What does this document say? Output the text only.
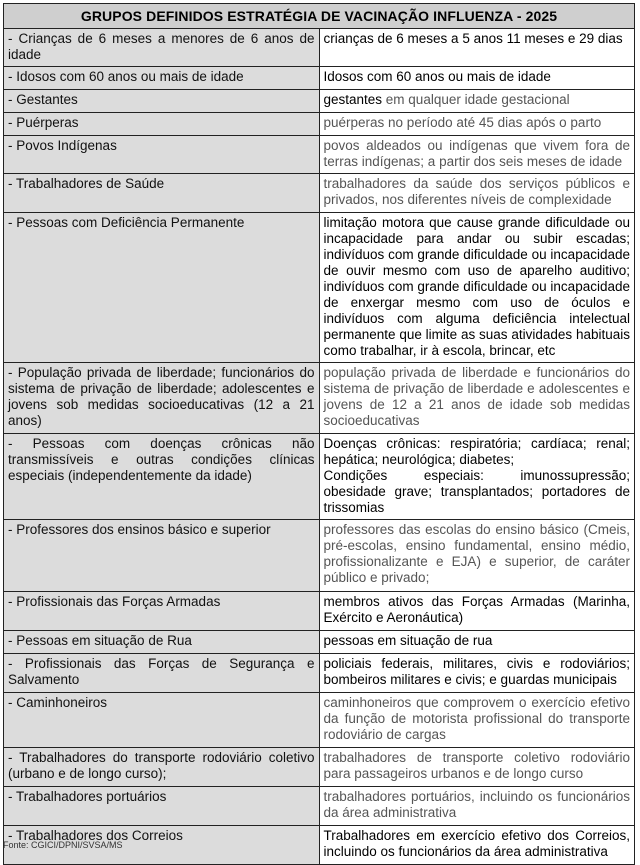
GRUPOS DEFINIDOS ESTRATÉGIA DE VACINAÇÃO INFLUENZA - 2025	
- Crianças de 6 meses a menores de 6 anos de idade	crianças de 6 meses a 5 anos 11 meses e 29 dias
- Idosos com 60 anos ou mais de idade	Idosos com 60 anos ou mais de idade
- Gestantes	gestantes em qualquer idade gestacional
- Puérperas	puérperas no período até 45 dias após o parto
- Povos Indígenas	povos aldeados ou indígenas que vivem fora de terras indígenas; a partir dos seis meses de idade
- Trabalhadores de Saúde	trabalhadores da saúde dos serviços públicos e privados, nos diferentes níveis de complexidade
- Pessoas com Deficiência Permanente	limitação motora que cause grande dificuldade ou incapacidade para andar ou subir escadas; indivíduos com grande dificuldade ou incapacidade de ouvir mesmo com uso de aparelho auditivo; indivíduos com grande dificuldade ou incapacidade de enxergar mesmo com uso de óculos e indivíduos com alguma deficiência intelectual permanente que limite as suas atividades habituais como trabalhar, ir à escola, brincar, etc
- População privada de liberdade; funcionários do sistema de privação de liberdade; adolescentes e jovens sob medidas socioeducativas (12 a 21 anos)	população privada de liberdade e funcionários do sistema de privação de liberdade e adolescentes e jovens de 12 a 21 anos de idade sob medidas socioeducativas
- Pessoas com doenças crônicas não transmissíveis e outras condições clínicas especiais (independentemente da idade)	Doenças crônicas: respiratória; cardíaca; renal; hepática; neurológica; diabetes;
Condições especiais: imunossupressão; obesidade grave; transplantados; portadores de trissomias

- Professores dos ensinos básico e superior	professores das escolas do ensino básico (Cmeis, pré-escolas, ensino fundamental, ensino médio, profissionalizante e EJA) e superior, de caráter público e privado;
- Profissionais das Forças Armadas	membros ativos das Forças Armadas (Marinha, Exército e Aeronáutica)
- Pessoas em situação de Rua	pessoas em situação de rua
- Profissionais das Forças de Segurança e Salvamento	policiais federais, militares, civis e rodoviários; bombeiros militares e civis; e guardas municipais
- Caminhoneiros	caminhoneiros que comprovem o exercício efetivo da função de motorista profissional do transporte rodoviário de cargas
- Trabalhadores do transporte rodoviário coletivo (urbano e de longo curso);	trabalhadores de transporte coletivo rodoviário para passageiros urbanos e de longo curso
- Trabalhadores portuários	trabalhadores portuários, incluindo os funcionários da área administrativa
- Trabalhadores dos Correios	Trabalhadores em exercício efetivo dos Correios, incluindo os funcionários da área administrativa
Fonte: CGICI/DPNI/SVSA/MS
